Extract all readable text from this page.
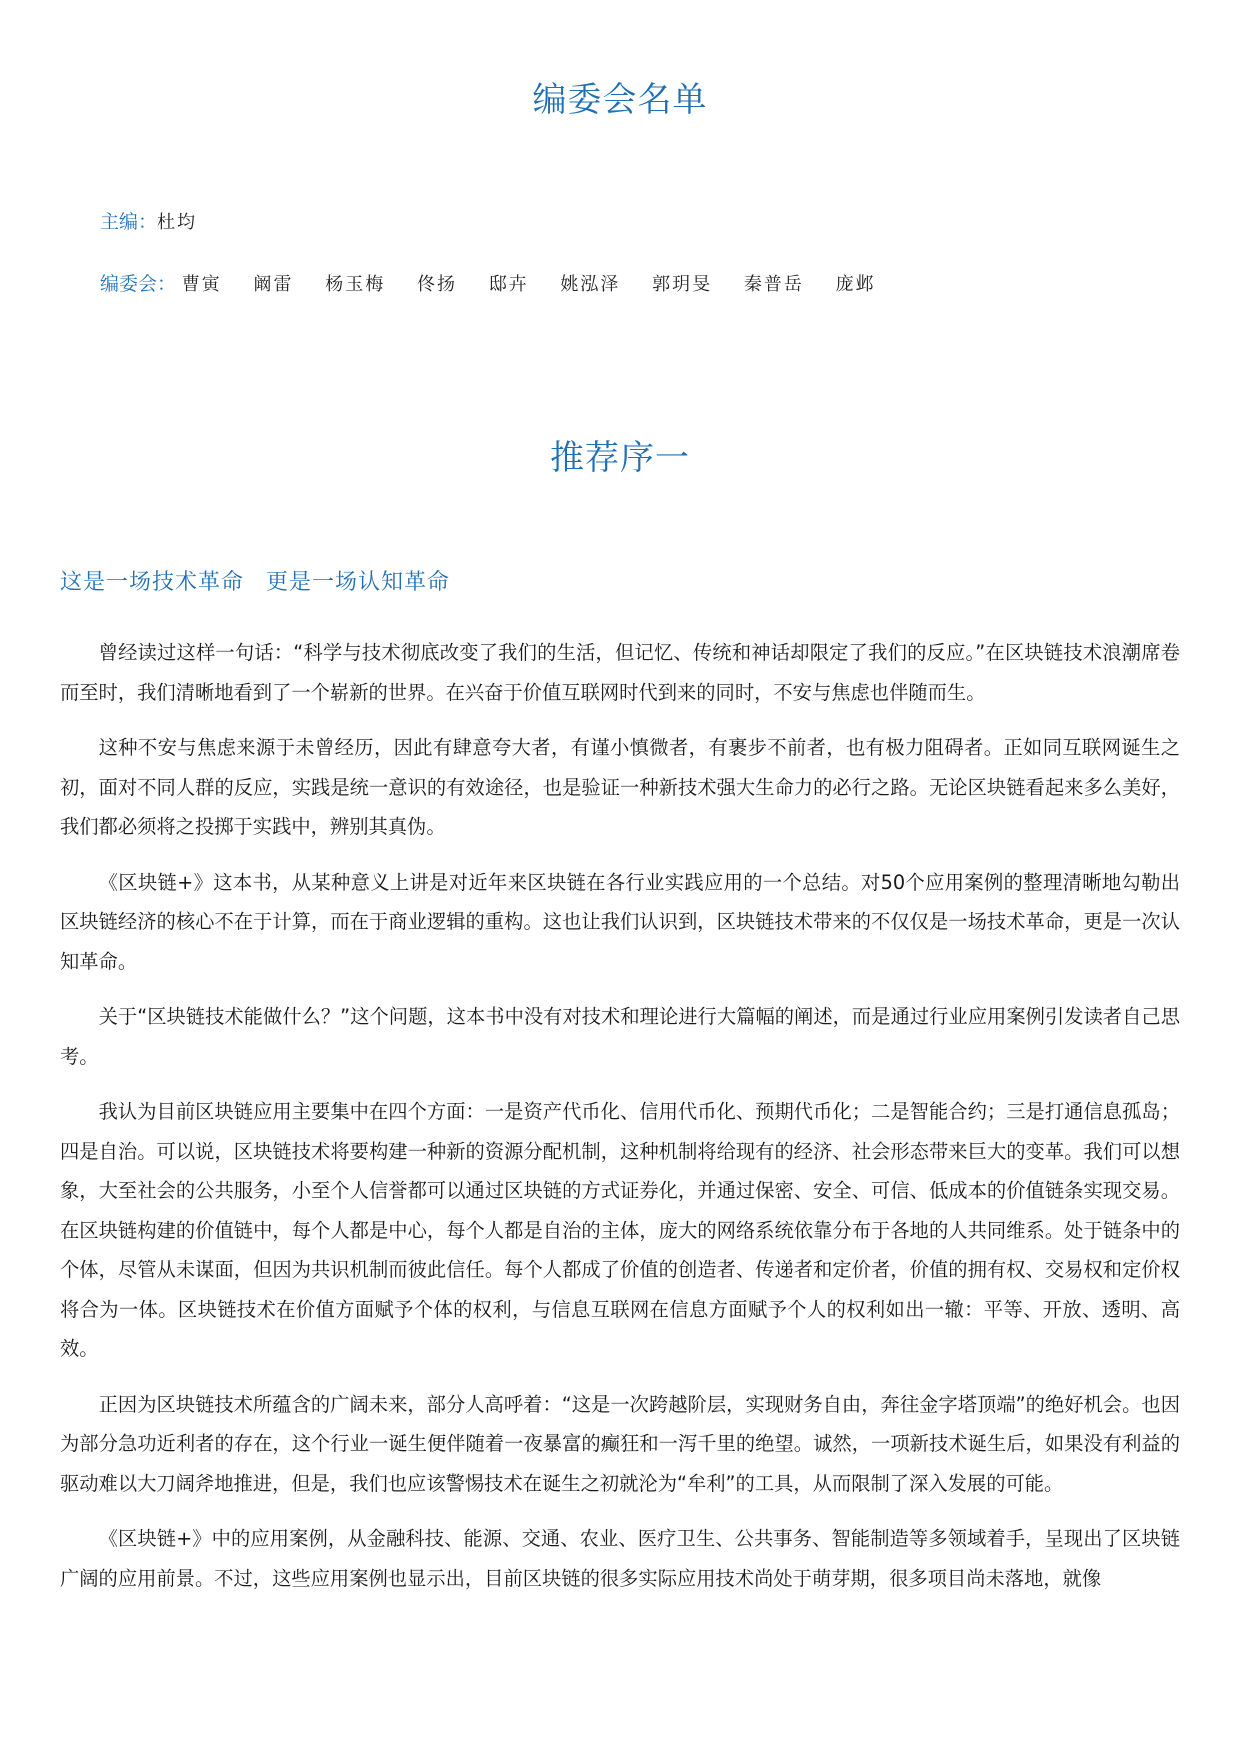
编委会名单
主编：杜均
编委会： 曹寅 阚雷 杨玉梅 佟扬 邸卉 姚泓泽 郭玥旻 秦普岳 庞邺
推荐序一
这是一场技术革命 更是一场认知革命

曾经读过这样一句话：“科学与技术彻底改变了我们的生活，但记忆、传统和神话却限定了我们的反应。”在区块链技术浪潮席卷而至时，我们清晰地看到了一个崭新的世界。在兴奋于价值互联网时代到来的同时，不安与焦虑也伴随而生。

这种不安与焦虑来源于未曾经历，因此有肆意夸大者，有谨小慎微者，有裹步不前者，也有极力阻碍者。正如同互联网诞生之初，面对不同人群的反应，实践是统一意识的有效途径，也是验证一种新技术强大生命力的必行之路。无论区块链看起来多么美好，我们都必须将之投掷于实践中，辨别其真伪。

《区块链+》这本书，从某种意义上讲是对近年来区块链在各行业实践应用的一个总结。对50个应用案例的整理清晰地勾勒出区块链经济的核心不在于计算，而在于商业逻辑的重构。这也让我们认识到，区块链技术带来的不仅仅是一场技术革命，更是一次认知革命。

关于“区块链技术能做什么？”这个问题，这本书中没有对技术和理论进行大篇幅的阐述，而是通过行业应用案例引发读者自己思考。

我认为目前区块链应用主要集中在四个方面：一是资产代币化、信用代币化、预期代币化；二是智能合约；三是打通信息孤岛；四是自治。可以说，区块链技术将要构建一种新的资源分配机制，这种机制将给现有的经济、社会形态带来巨大的变革。我们可以想象，大至社会的公共服务，小至个人信誉都可以通过区块链的方式证券化，并通过保密、安全、可信、低成本的价值链条实现交易。在区块链构建的价值链中，每个人都是中心，每个人都是自治的主体，庞大的网络系统依靠分布于各地的人共同维系。处于链条中的个体，尽管从未谋面，但因为共识机制而彼此信任。每个人都成了价值的创造者、传递者和定价者，价值的拥有权、交易权和定价权将合为一体。区块链技术在价值方面赋予个体的权利，与信息互联网在信息方面赋予个人的权利如出一辙：平等、开放、透明、高效。

正因为区块链技术所蕴含的广阔未来，部分人高呼着：“这是一次跨越阶层，实现财务自由，奔往金字塔顶端”的绝好机会。也因为部分急功近利者的存在，这个行业一诞生便伴随着一夜暴富的癫狂和一泻千里的绝望。诚然，一项新技术诞生后，如果没有利益的驱动难以大刀阔斧地推进，但是，我们也应该警惕技术在诞生之初就沦为“牟利”的工具，从而限制了深入发展的可能。

《区块链+》中的应用案例，从金融科技、能源、交通、农业、医疗卫生、公共事务、智能制造等多领域着手，呈现出了区块链广阔的应用前景。不过，这些应用案例也显示出，目前区块链的很多实际应用技术尚处于萌芽期，很多项目尚未落地，就像
